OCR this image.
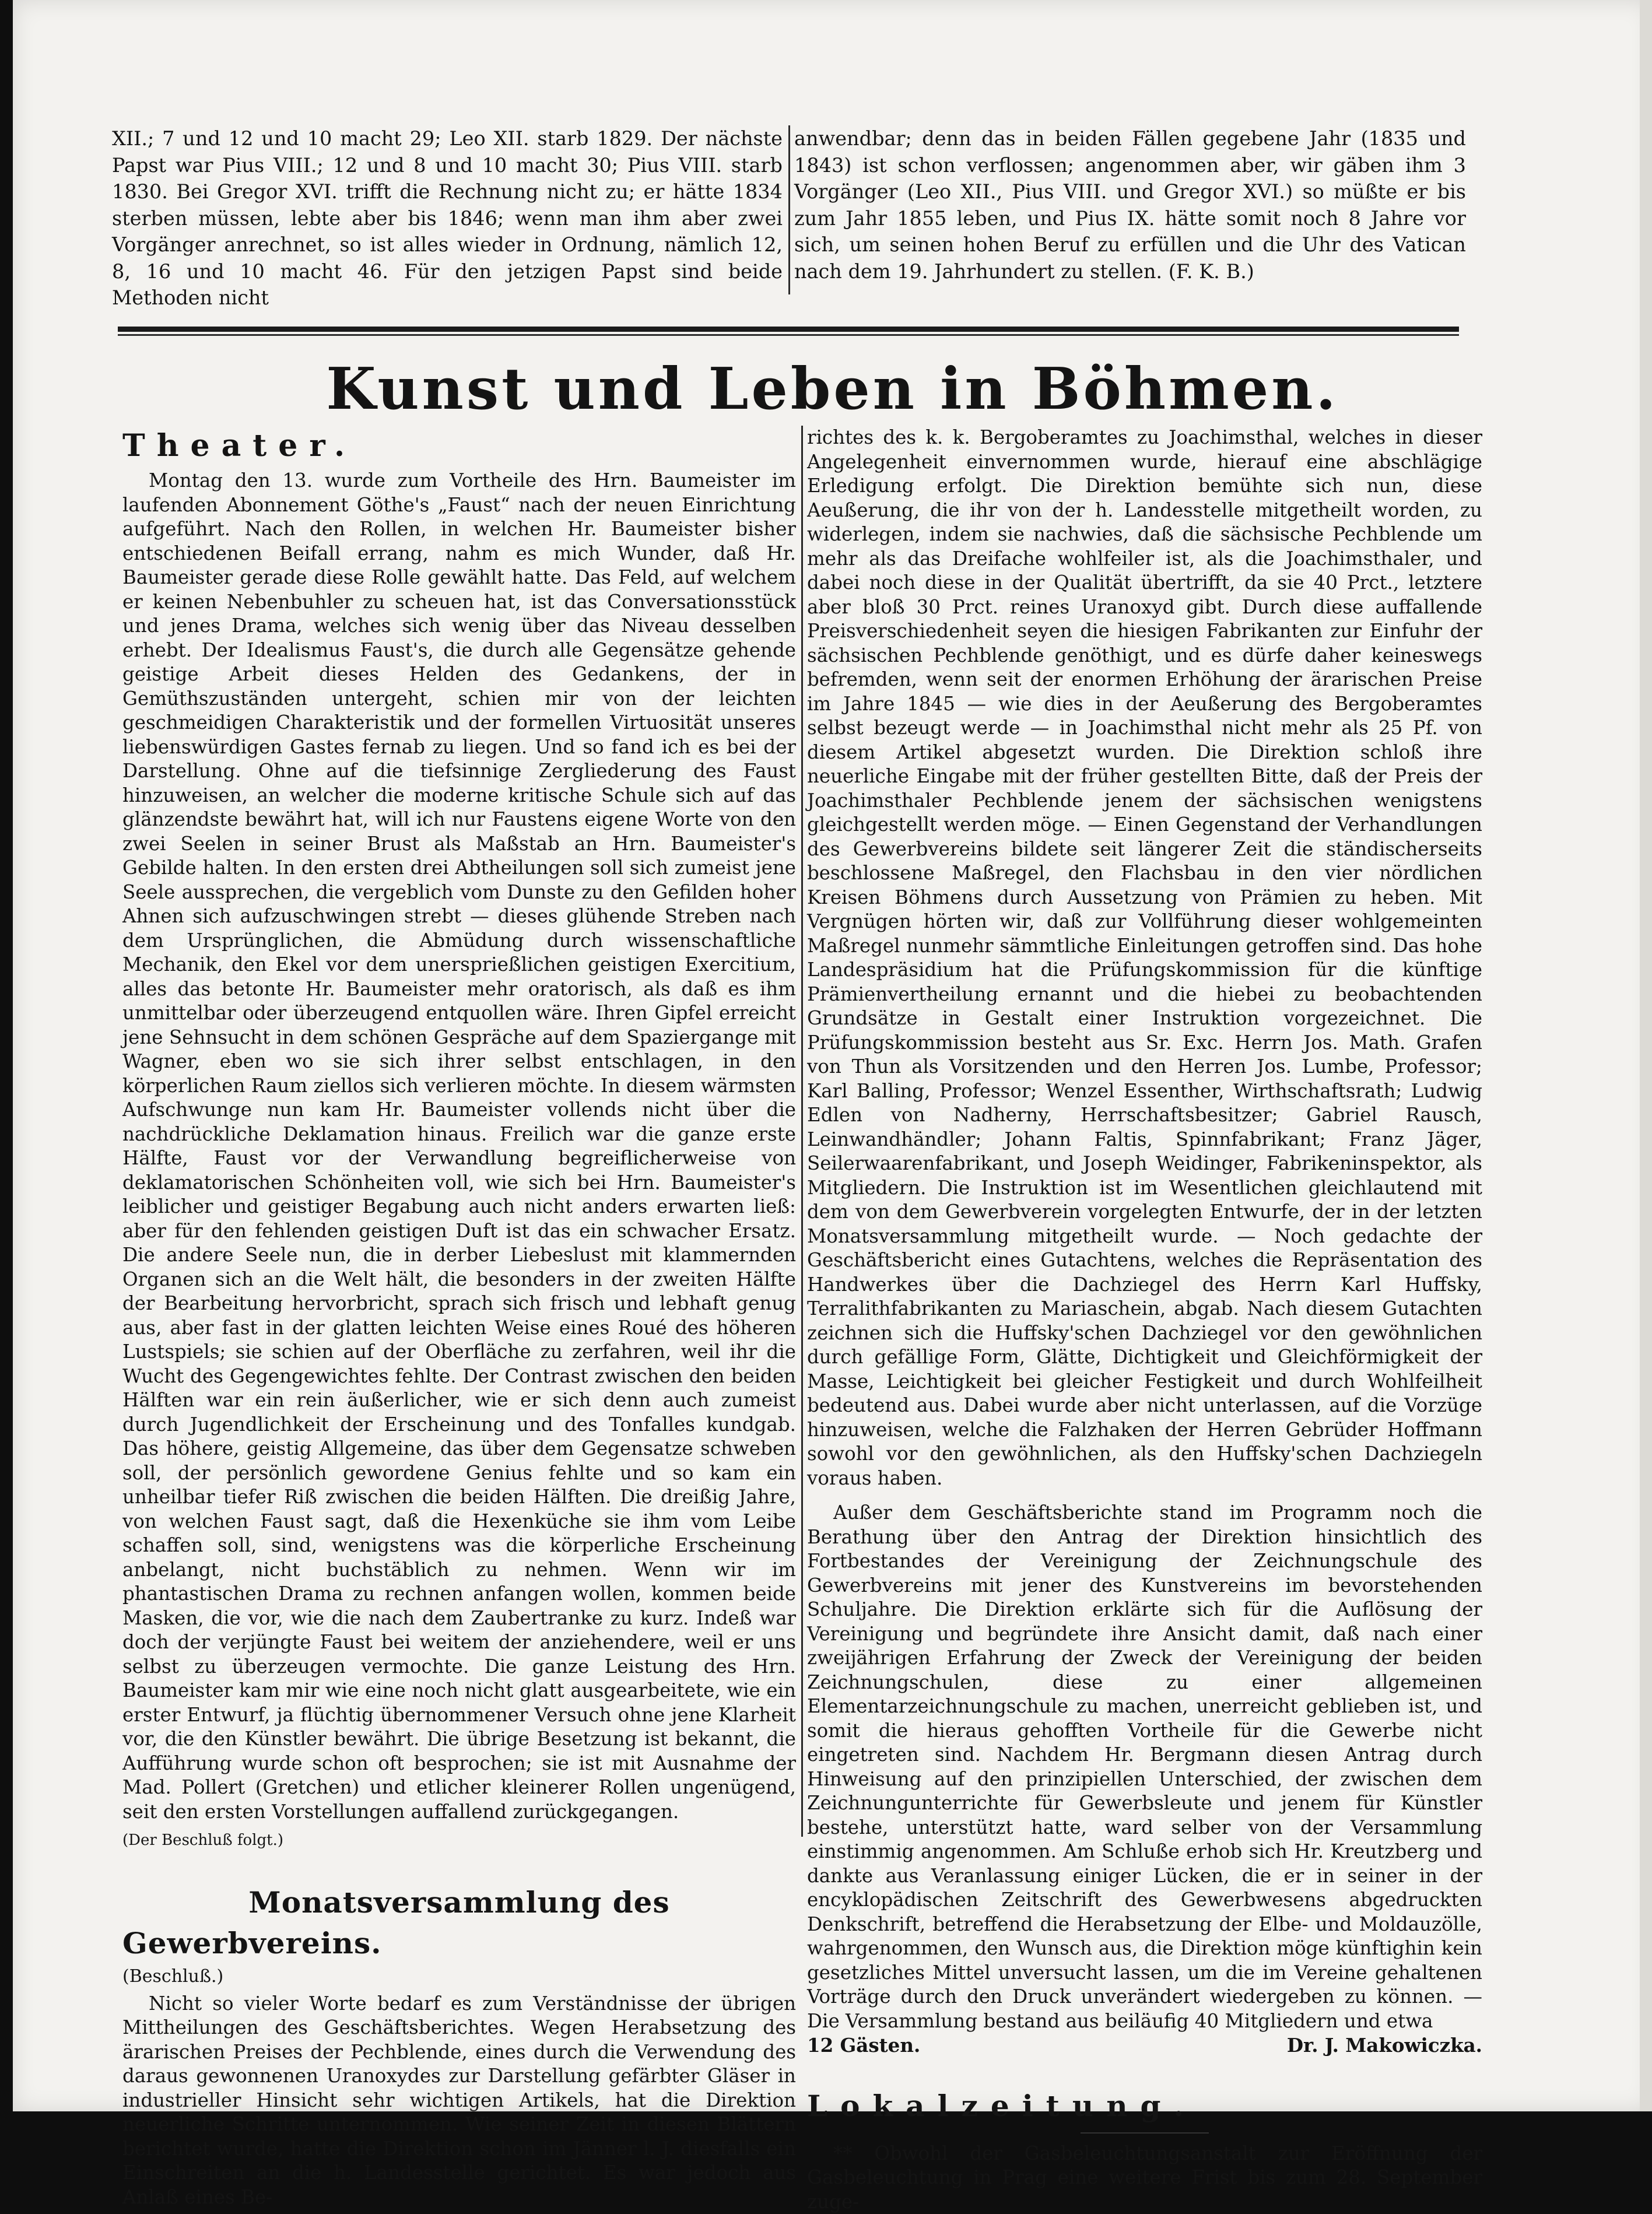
XII.; 7 und 12 und 10 macht 29; Leo XII. starb 1829. Der nächste Papst war Pius VIII.; 12 und 8 und 10 macht 30; Pius VIII. starb 1830. Bei Gregor XVI. trifft die Rechnung nicht zu; er hätte 1834 sterben müssen, lebte aber bis 1846; wenn man ihm aber zwei Vorgänger anrechnet, so ist alles wieder in Ordnung, nämlich 12, 8, 16 und 10 macht 46. Für den jetzigen Papst sind beide Methoden nicht

anwendbar; denn das in beiden Fällen gegebene Jahr (1835 und 1843) ist schon verflossen; angenommen aber, wir gäben ihm 3 Vorgänger (Leo XII., Pius VIII. und Gregor XVI.) so müßte er bis zum Jahr 1855 leben, und Pius IX. hätte somit noch 8 Jahre vor sich, um seinen hohen Beruf zu erfüllen und die Uhr des Vatican nach dem 19. Jahrhundert zu stellen. (F. K. B.)

Kunst und Leben in Böhmen.
Theater.

Montag den 13. wurde zum Vortheile des Hrn. Baumeister im laufenden Abonnement Göthe's „Faust“ nach der neuen Einrichtung aufgeführt. Nach den Rollen, in welchen Hr. Baumeister bisher entschiedenen Beifall errang, nahm es mich Wunder, daß Hr. Baumeister gerade diese Rolle gewählt hatte. Das Feld, auf welchem er keinen Nebenbuhler zu scheuen hat, ist das Conversationsstück und jenes Drama, welches sich wenig über das Niveau desselben erhebt. Der Idealismus Faust's, die durch alle Gegensätze gehende geistige Arbeit dieses Helden des Gedankens, der in Gemüthszuständen untergeht, schien mir von der leichten geschmeidigen Charakteristik und der formellen Virtuosität unseres liebenswürdigen Gastes fernab zu liegen. Und so fand ich es bei der Darstellung. Ohne auf die tiefsinnige Zergliederung des Faust hinzuweisen, an welcher die moderne kritische Schule sich auf das glänzendste bewährt hat, will ich nur Faustens eigene Worte von den zwei Seelen in seiner Brust als Maßstab an Hrn. Baumeister's Gebilde halten. In den ersten drei Abtheilungen soll sich zumeist jene Seele aussprechen, die vergeblich vom Dunste zu den Gefilden hoher Ahnen sich aufzuschwingen strebt — dieses glühende Streben nach dem Ursprünglichen, die Abmüdung durch wissenschaftliche Mechanik, den Ekel vor dem unersprießlichen geistigen Exercitium, alles das betonte Hr. Baumeister mehr oratorisch, als daß es ihm unmittelbar oder überzeugend entquollen wäre. Ihren Gipfel erreicht jene Sehnsucht in dem schönen Gespräche auf dem Spaziergange mit Wagner, eben wo sie sich ihrer selbst entschlagen, in den körperlichen Raum ziellos sich verlieren möchte. In diesem wärmsten Aufschwunge nun kam Hr. Baumeister vollends nicht über die nachdrückliche Deklamation hinaus. Freilich war die ganze erste Hälfte, Faust vor der Verwandlung begreiflicherweise von deklamatorischen Schönheiten voll, wie sich bei Hrn. Baumeister's leiblicher und geistiger Begabung auch nicht anders erwarten ließ: aber für den fehlenden geistigen Duft ist das ein schwacher Ersatz. Die andere Seele nun, die in derber Liebeslust mit klammernden Organen sich an die Welt hält, die besonders in der zweiten Hälfte der Bearbeitung hervorbricht, sprach sich frisch und lebhaft genug aus, aber fast in der glatten leichten Weise eines Roué des höheren Lustspiels; sie schien auf der Oberfläche zu zerfahren, weil ihr die Wucht des Gegengewichtes fehlte. Der Contrast zwischen den beiden Hälften war ein rein äußerlicher, wie er sich denn auch zumeist durch Jugendlichkeit der Erscheinung und des Tonfalles kundgab. Das höhere, geistig Allgemeine, das über dem Gegensatze schweben soll, der persönlich gewordene Genius fehlte und so kam ein unheilbar tiefer Riß zwischen die beiden Hälften. Die dreißig Jahre, von welchen Faust sagt, daß die Hexenküche sie ihm vom Leibe schaffen soll, sind, wenigstens was die körperliche Erscheinung anbelangt, nicht buchstäblich zu nehmen. Wenn wir im phantastischen Drama zu rechnen anfangen wollen, kommen beide Masken, die vor, wie die nach dem Zaubertranke zu kurz. Indeß war doch der verjüngte Faust bei weitem der anziehendere, weil er uns selbst zu überzeugen vermochte. Die ganze Leistung des Hrn. Baumeister kam mir wie eine noch nicht glatt ausgearbeitete, wie ein erster Entwurf, ja flüchtig übernommener Versuch ohne jene Klarheit vor, die den Künstler bewährt. Die übrige Besetzung ist bekannt, die Aufführung wurde schon oft besprochen; sie ist mit Ausnahme der Mad. Pollert (Gretchen) und etlicher kleinerer Rollen ungenügend, seit den ersten Vorstellungen auffallend zurückgegangen.

(Der Beschluß folgt.)
Monatsversammlung des Gewerbvereins.
(Beschluß.)

Nicht so vieler Worte bedarf es zum Verständnisse der übrigen Mittheilungen des Geschäftsberichtes. Wegen Herabsetzung des ärarischen Preises der Pechblende, eines durch die Verwendung des daraus gewonnenen Uranoxydes zur Darstellung gefärbter Gläser in industrieller Hinsicht sehr wichtigen Artikels, hat die Direktion neuerliche Schritte unternommen. Wie seiner Zeit in diesen Blättern berichtet wurde, hatte die Direktion schon im Jänner l. J. diesfalls ein Einschreiten an die h. Landesstelle gerichtet. Es war jedoch aus Anlaß eines Be-

richtes des k. k. Bergoberamtes zu Joachimsthal, welches in dieser Angelegenheit einvernommen wurde, hierauf eine abschlägige Erledigung erfolgt. Die Direktion bemühte sich nun, diese Aeußerung, die ihr von der h. Landesstelle mitgetheilt worden, zu widerlegen, indem sie nachwies, daß die sächsische Pechblende um mehr als das Dreifache wohlfeiler ist, als die Joachimsthaler, und dabei noch diese in der Qualität übertrifft, da sie 40 Prct., letztere aber bloß 30 Prct. reines Uranoxyd gibt. Durch diese auffallende Preisverschiedenheit seyen die hiesigen Fabrikanten zur Einfuhr der sächsischen Pechblende genöthigt, und es dürfe daher keineswegs befremden, wenn seit der enormen Erhöhung der ärarischen Preise im Jahre 1845 — wie dies in der Aeußerung des Bergoberamtes selbst bezeugt werde — in Joachimsthal nicht mehr als 25 Pf. von diesem Artikel abgesetzt wurden. Die Direktion schloß ihre neuerliche Eingabe mit der früher gestellten Bitte, daß der Preis der Joachimsthaler Pechblende jenem der sächsischen wenigstens gleichgestellt werden möge. — Einen Gegenstand der Verhandlungen des Gewerbvereins bildete seit längerer Zeit die ständischerseits beschlossene Maßregel, den Flachsbau in den vier nördlichen Kreisen Böhmens durch Aussetzung von Prämien zu heben. Mit Vergnügen hörten wir, daß zur Vollführung dieser wohlgemeinten Maßregel nunmehr sämmtliche Einleitungen getroffen sind. Das hohe Landespräsidium hat die Prüfungskommission für die künftige Prämienvertheilung ernannt und die hiebei zu beobachtenden Grundsätze in Gestalt einer Instruktion vorgezeichnet. Die Prüfungskommission besteht aus Sr. Exc. Herrn Jos. Math. Grafen von Thun als Vorsitzenden und den Herren Jos. Lumbe, Professor; Karl Balling, Professor; Wenzel Essenther, Wirthschaftsrath; Ludwig Edlen von Nadherny, Herrschaftsbesitzer; Gabriel Rausch, Leinwandhändler; Johann Faltis, Spinnfabrikant; Franz Jäger, Seilerwaarenfabrikant, und Joseph Weidinger, Fabrikeninspektor, als Mitgliedern. Die Instruktion ist im Wesentlichen gleichlautend mit dem von dem Gewerbverein vorgelegten Entwurfe, der in der letzten Monatsversammlung mitgetheilt wurde. — Noch gedachte der Geschäftsbericht eines Gutachtens, welches die Repräsentation des Handwerkes über die Dachziegel des Herrn Karl Huffsky, Terralithfabrikanten zu Mariaschein, abgab. Nach diesem Gutachten zeichnen sich die Huffsky'schen Dachziegel vor den gewöhnlichen durch gefällige Form, Glätte, Dichtigkeit und Gleichförmigkeit der Masse, Leichtigkeit bei gleicher Festigkeit und durch Wohlfeilheit bedeutend aus. Dabei wurde aber nicht unterlassen, auf die Vorzüge hinzuweisen, welche die Falzhaken der Herren Gebrüder Hoffmann sowohl vor den gewöhnlichen, als den Huffsky'schen Dachziegeln voraus haben.

Außer dem Geschäftsberichte stand im Programm noch die Berathung über den Antrag der Direktion hinsichtlich des Fortbestandes der Vereinigung der Zeichnungschule des Gewerbvereins mit jener des Kunstvereins im bevorstehenden Schuljahre. Die Direktion erklärte sich für die Auflösung der Vereinigung und begründete ihre Ansicht damit, daß nach einer zweijährigen Erfahrung der Zweck der Vereinigung der beiden Zeichnungschulen, diese zu einer allgemeinen Elementarzeichnungschule zu machen, unerreicht geblieben ist, und somit die hieraus gehofften Vortheile für die Gewerbe nicht eingetreten sind. Nachdem Hr. Bergmann diesen Antrag durch Hinweisung auf den prinzipiellen Unterschied, der zwischen dem Zeichnungunterrichte für Gewerbsleute und jenem für Künstler bestehe, unterstützt hatte, ward selber von der Versammlung einstimmig angenommen. Am Schluße erhob sich Hr. Kreutzberg und dankte aus Veranlassung einiger Lücken, die er in seiner in der encyklopädischen Zeitschrift des Gewerbwesens abgedruckten Denkschrift, betreffend die Herabsetzung der Elbe- und Moldauzölle, wahrgenommen, den Wunsch aus, die Direktion möge künftighin kein gesetzliches Mittel unversucht lassen, um die im Vereine gehaltenen Vorträge durch den Druck unverändert wiedergeben zu können. — Die Versammlung bestand aus beiläufig 40 Mitgliedern und etwa

12 Gästen.	Dr. J. Makowiczka.
Lokalzeitung.

** Obwohl der Gasbeleuchtungsanstalt zur Eröffnung der Gasbeleuchtung in Prag eine weitere Frist bis zum 28. September zuge-
